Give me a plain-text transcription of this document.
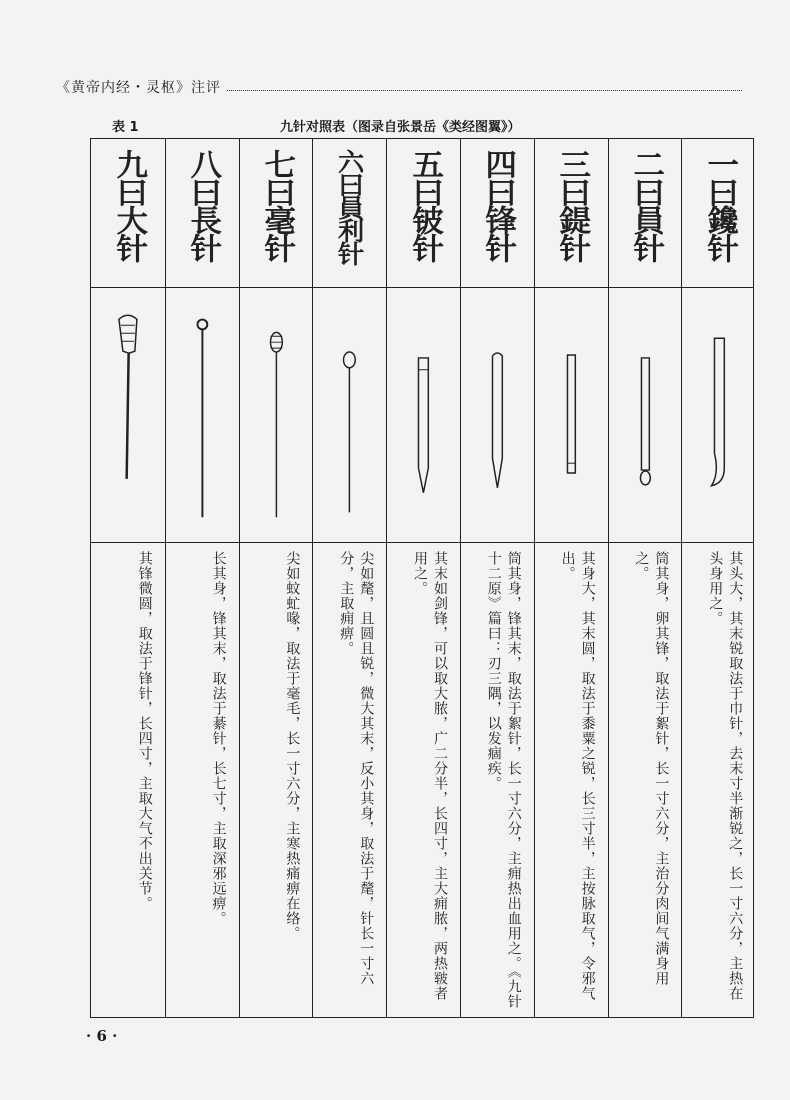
《黄帝内经・灵枢》注评
表 1	九针对照表（图录自张景岳《类经图翼》）
九曰大针
其锋微圆，取法于锋针，长四寸，主取大气不出关节。
八曰長针
长其身，锋其末，取法于綦针，长七寸，主取深邪远痹。
七曰毫针
尖如蚊虻喙，取法于毫毛，长一寸六分，主寒热痛痹在络。
六曰員利针
尖如氂，且圆且锐，微大其末，反小其身，取法于氂，针长一寸六分，主取痈痹。
五曰铍针
其末如剑锋，可以取大脓，广二分半，长四寸，主大痈脓，两热皲者用之。
四曰锋针
筒其身，锋其末，取法于絮针，长一寸六分，主痈热出血用之。《九针十二原》篇曰：刃三隅，以发痼疾。
三曰鍉针
其身大，其末圆，取法于黍粟之锐，长三寸半，主按脉取气，令邪气出。
二曰員针
筒其身，卵其锋，取法于絮针，长一寸六分，主治分肉间气满身用之。
一曰鑱针
其头大，其末锐取法于巾针，去末寸半渐锐之，长一寸六分，主热在头身用之。
· 6 ·
